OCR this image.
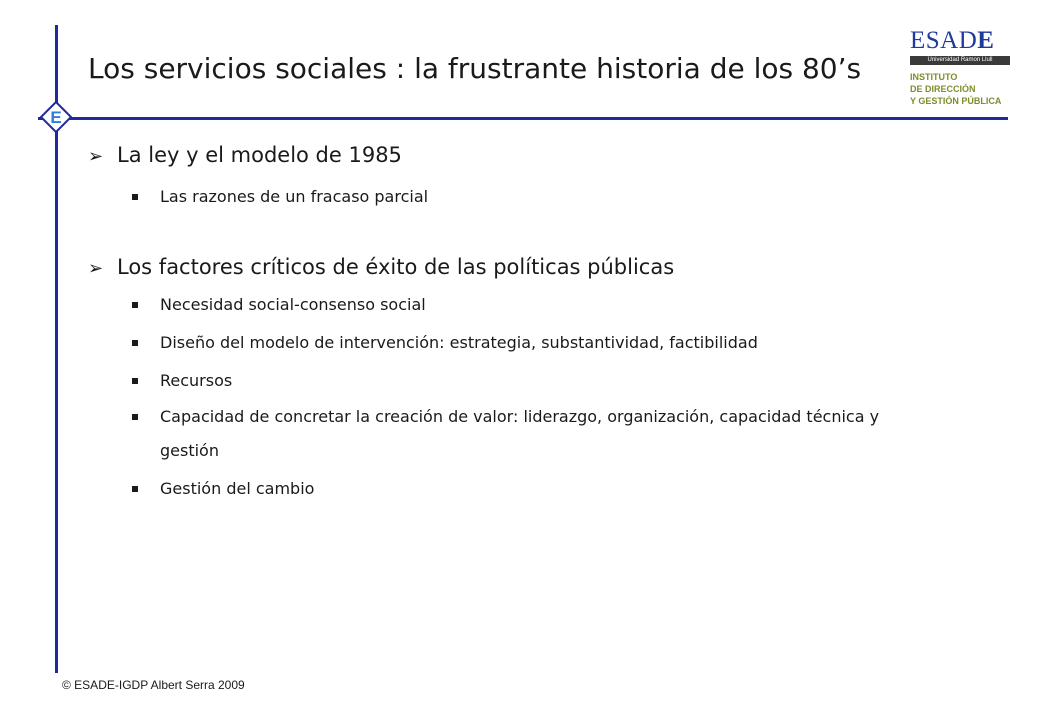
E
Los servicios sociales : la frustrante historia de los 80’s
ESADE
Universidad Ramon Llull
INSTITUTO
DE DIRECCIÓN
Y GESTIÓN PÚBLICA
➢ La ley y el modelo de 1985
Las razones de un fracaso parcial
➢ Los factores críticos de éxito de las políticas públicas
Necesidad social-consenso social
Diseño del modelo de intervención: estrategia, substantividad, factibilidad
Recursos
Capacidad de concretar la creación de valor: liderazgo, organización, capacidad técnica y gestión
Gestión del cambio
© ESADE-IGDP Albert Serra 2009
